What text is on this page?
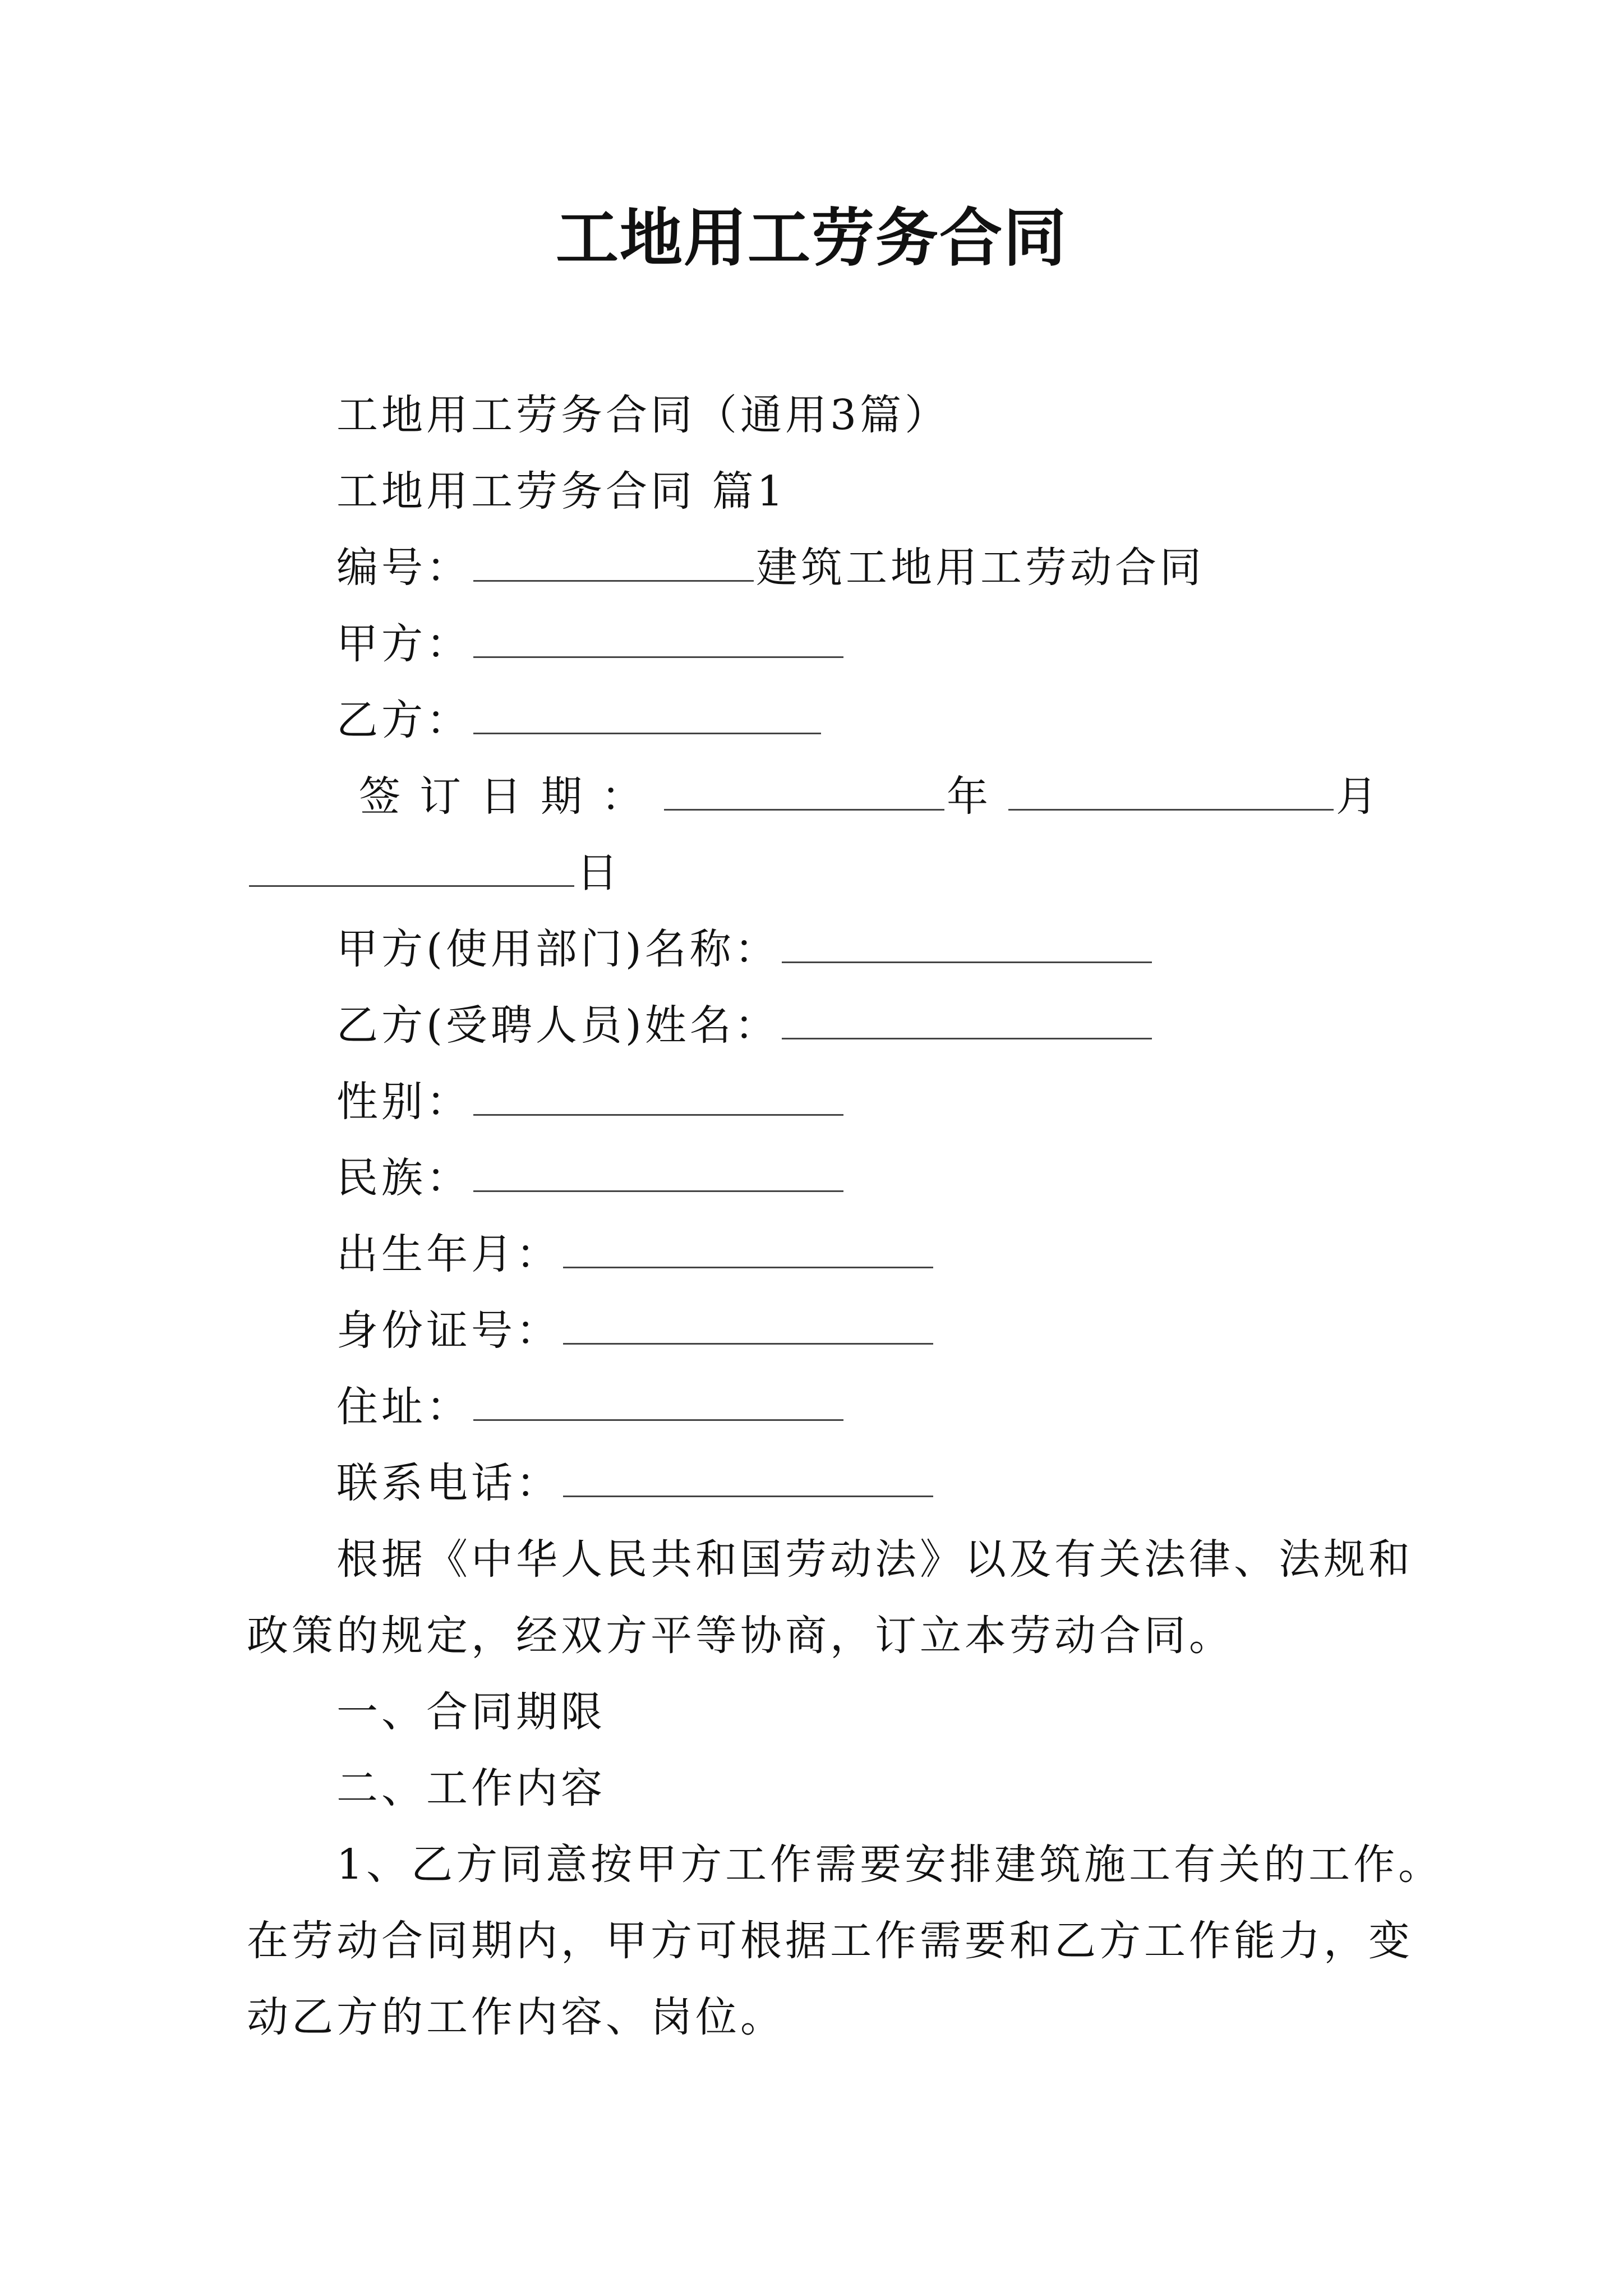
工地用工劳务合同

工地用工劳务合同（通用3篇）

工地用工劳务合同 篇1

编号：	建筑工地用工劳动合同

甲方：

乙方：

签订日期：	年	月

日

甲方(使用部门)名称：

乙方(受聘人员)姓名：

性别：

民族：

出生年月：

身份证号：

住址：

联系电话：

根据《中华人民共和国劳动法》以及有关法律、法规和

政策的规定，经双方平等协商，订立本劳动合同。

一、合同期限

二、工作内容

1、乙方同意按甲方工作需要安排建筑施工有关的工作。

在劳动合同期内，甲方可根据工作需要和乙方工作能力，变

动乙方的工作内容、岗位。
